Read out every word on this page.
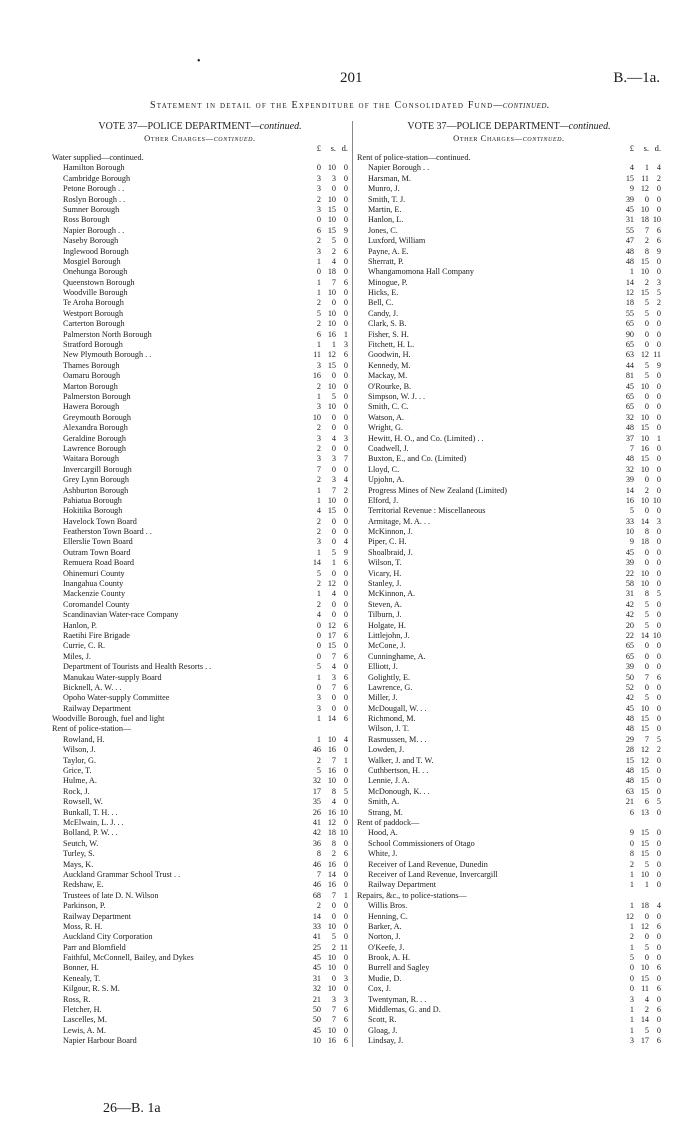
•
201	B.—1a.
Statement in detail of the Expenditure of the Consolidated Fund—continued.
VOTE 37—POLICE DEPARTMENT—continued.
Other Charges—continued.
£	s. d.
Water supplied—continued.
Hamilton Borough	0 10 0
Cambridge Borough	3	3 0
Petone Borough . .	3	0 0
Roslyn Borough . .	2 10 0
Sumner Borough	3 15 0
Ross Borough	0 10 0
Napier Borough . .	6 15 9
Naseby Borough	2	5 0
Inglewood Borough	3	2 6
Mosgiel Borough	1	4 0
Onehunga Borough	0 18 0
Queenstown Borough	1	7 6
Woodville Borough	1 10 0
Te Aroha Borough	2	0 0
Westport Borough	5 10 0
Carterton Borough	2 10 0
Palmerston North Borough	6 16 1
Stratford Borough	1	1 3
New Plymouth Borough . .	11 12 6
Thames Borough	3 15 0
Oamaru Borough	16	0 0
Marton Borough	2 10 0
Palmerston Borough	1	5 0
Hawera Borough	3 10 0
Greymouth Borough	10	0 0
Alexandra Borough	2	0 0
Geraldine Borough	3	4 3
Lawrence Borough	2	0 0
Waitara Borough	3	3 7
Invercargill Borough	7	0 0
Grey Lynn Borough	2	3 4
Ashburton Borough	1	7 2
Pahiatua Borough	1 10 0
Hokitika Borough	4 15 0
Havelock Town Board	2	0 0
Featherston Town Board . .	2	0 0
Ellerslie Town Board	3	0 4
Outram Town Board	1	5 9
Remuera Road Board	14	1 6
Ohinemuri County	5	0 0
Inangahua County	2 12 0
Mackenzie County	1	4 0
Coromandel County	2	0 0
Scandinavian Water-race Company	4	0 0
Hanlon, P.	0 12 6
Raetihi Fire Brigade	0 17 6
Currie, C. R.	0 15 0
Miles, J.	0	7 6
Department of Tourists and Health Resorts . .	5	4 0
Manukau Water-supply Board	1	3 6
Bicknell, A. W. . .	0	7 6
Opoho Water-supply Committee	3	0 0
Railway Department	3	0 0
Woodville Borough, fuel and light	1 14 6
Rent of police-station—
Rowland, H.	1 10 4
Wilson, J.	46 16 0
Taylor, G.	2	7 1
Grice, T.	5 16 0
Hulme, A.	32 10 0
Rock, J.	17	8 5
Rowsell, W.	35	4 0
Bunkall, T. H. . .	26 16 10
McElwain, L. J. . .	41 12 0
Bolland, P. W. . .	42 18 10
Seutch, W.	36	8 0
Turley, S.	8	2 6
Mays, K.	46 16 0
Auckland Grammar School Trust . .	7 14 0
Redshaw, E.	46 16 0
Trustees of late D. N. Wilson	68	7 1
Parkinson, P.	2	0 0
Railway Department	14	0 0
Moss, R. H.	33 10 0
Auckland City Corporation	41	5 0
Parr and Blomfield	25	2 11
Faithful, McConnell, Bailey, and Dykes	45 10 0
Bonner, H.	45 10 0
Kenealy, T.	31	0 3
Kilgour, R. S. M.	32 10 0
Ross, R.	21	3 3
Fletcher, H.	50	7 6
Lascelles, M.	50	7 6
Lewis, A. M.	45 10 0
Napier Harbour Board	10 16 6
VOTE 37—POLICE DEPARTMENT—continued.
Other Charges—continued.
£	s. d.
Rent of police-station—continued.
Napier Borough . .	4	1 4
Harsman, M.	15 11 2
Munro, J.	9 12 0
Smith, T. J.	39	0 0
Martin, E.	45 10 0
Hanlon, L.	31 18 10
Jones, C.	55	7 6
Luxford, William	47	2 6
Payne, A. E.	48	8 9
Sherratt, P.	48 15 0
Whangamomona Hall Company	1 10 0
Minogue, P.	14	2 3
Hicks, E.	12 15 5
Bell, C.	18	5 2
Candy, J.	55	5 0
Clark, S. B.	65	0 0
Fisher, S. H.	90	0 0
Fitchett, H. L.	65	0 0
Goodwin, H.	63 12 11
Kennedy, M.	44	5 9
Mackay, M.	81	5 0
O'Rourke, B.	45 10 0
Simpson, W. J. . .	65	0 0
Smith, C. C.	65	0 0
Watson, A.	32 10 0
Wright, G.	48 15 0
Hewitt, H. O., and Co. (Limited) . .	37 10 1
Coadwell, J.	7 16 0
Buxton, E., and Co. (Limited)	48 15 0
Lloyd, C.	32 10 0
Upjohn, A.	39	0 0
Progress Mines of New Zealand (Limited)	14	2 0
Elford, J.	16 10 10
Territorial Revenue : Miscellaneous	5	0 0
Armitage, M. A. . .	33 14 3
McKinnon, J.	10	8 0
Piper, C. H.	9 18 0
Shoalbraid, J.	45	0 0
Wilson, T.	39	0 0
Vicary, H.	22 10 0
Stanley, J.	58 10 0
McKinnon, A.	31	8 5
Steven, A.	42	5 0
Tilburn, J.	42	5 0
Holgate, H.	20	5 0
Littlejohn, J.	22 14 10
McCone, J.	65	0 0
Cunninghame, A.	65	0 0
Elliott, J.	39	0 0
Golightly, E.	50	7 6
Lawrence, G.	52	0 0
Miller, J.	42	5 0
McDougall, W. . .	45 10 0
Richmond, M.	48 15 0
Wilson, J. T.	48 15 0
Rasmussen, M. . .	29	7 5
Lowden, J.	28 12 2
Walker, J. and T. W.	15 12 0
Cuthbertson, H. . .	48 15 0
Lennie, J. A.	48 15 0
McDonough, K. . .	63 15 0
Smith, A.	21	6 5
Strang, M.	6 13 0
Rent of paddock—
Hood, A.	9 15 0
School Commissioners of Otago	0 15 0
White, J.	8 15 0
Receiver of Land Revenue, Dunedin	2	5 0
Receiver of Land Revenue, Invercargill	1 10 0
Railway Department	1	1 0
Repairs, &c., to police-stations—
Willis Bros.	1 18 4
Henning, C.	12	0 0
Barker, A.	1 12 6
Norton, J.	2	0 0
O'Keefe, J.	1	5 0
Brook, A. H.	5	0 0
Burrell and Sagley	0 10 6
Mudie, D.	0 15 0
Cox, J.	0 11 6
Twentyman, R. . .	3	4 0
Middlemas, G. and D.	1	2 6
Scott, R.	1 14 0
Gloag, J.	1	5 0
Lindsay, J.	3 17 6
26—B. 1a
